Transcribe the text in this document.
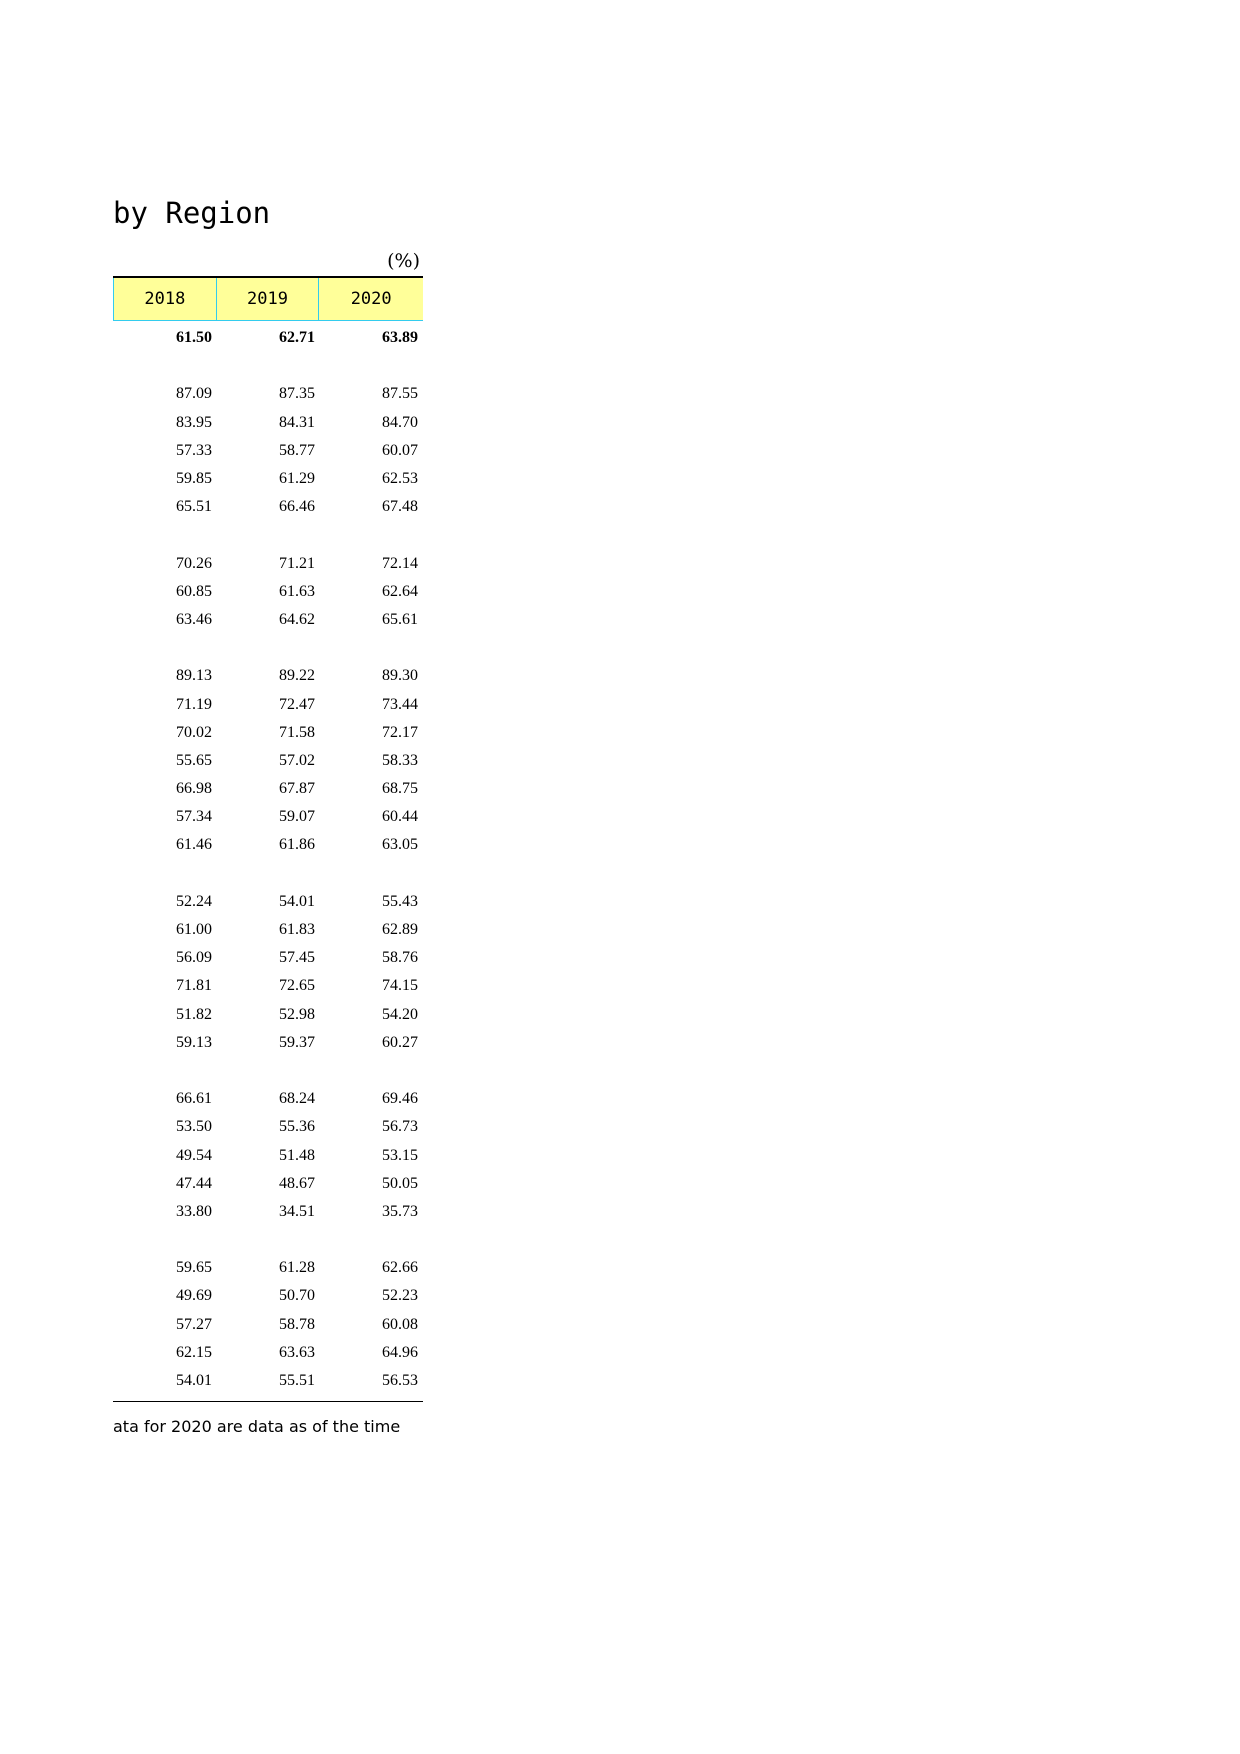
by Region
(%)
2018	2019	2020
61.50	62.71	63.89
87.09	87.35	87.55
83.95	84.31	84.70
57.33	58.77	60.07
59.85	61.29	62.53
65.51	66.46	67.48
70.26	71.21	72.14
60.85	61.63	62.64
63.46	64.62	65.61
89.13	89.22	89.30
71.19	72.47	73.44
70.02	71.58	72.17
55.65	57.02	58.33
66.98	67.87	68.75
57.34	59.07	60.44
61.46	61.86	63.05
52.24	54.01	55.43
61.00	61.83	62.89
56.09	57.45	58.76
71.81	72.65	74.15
51.82	52.98	54.20
59.13	59.37	60.27
66.61	68.24	69.46
53.50	55.36	56.73
49.54	51.48	53.15
47.44	48.67	50.05
33.80	34.51	35.73
59.65	61.28	62.66
49.69	50.70	52.23
57.27	58.78	60.08
62.15	63.63	64.96
54.01	55.51	56.53
ata for 2020 are data as of the time
